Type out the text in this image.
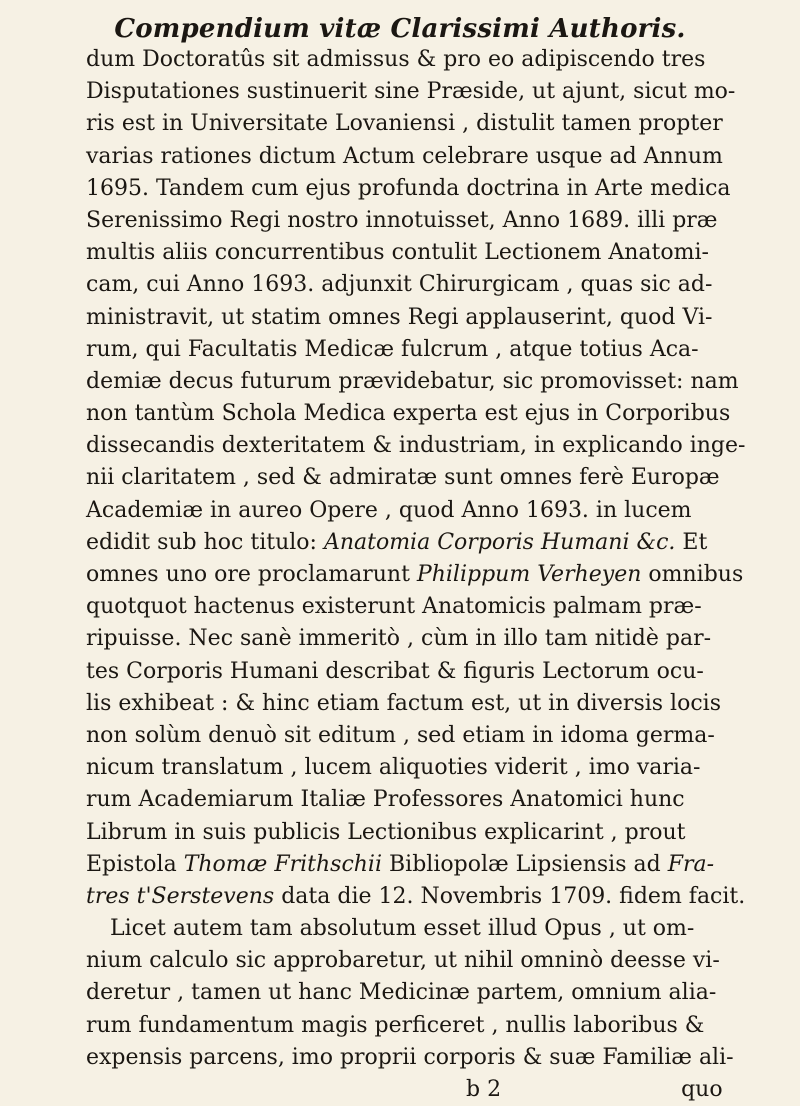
Compendium vitæ Clarissimi Authoris.
dum Doctoratûs sit admissus & pro eo adipiscendo tres
Disputationes sustinuerit sine Præside, ut ajunt, sicut mo-
ris est in Universitate Lovaniensi , distulit tamen propter
varias rationes dictum Actum celebrare usque ad Annum
1695. Tandem cum ejus profunda doctrina in Arte medica
Serenissimo Regi nostro innotuisset, Anno 1689. illi præ
multis aliis concurrentibus contulit Lectionem Anatomi-
cam, cui Anno 1693. adjunxit Chirurgicam , quas sic ad-
ministravit, ut statim omnes Regi applauserint, quod Vi-
rum, qui Facultatis Medicæ fulcrum , atque totius Aca-
demiæ decus futurum prævidebatur, sic promovisset: nam
non tantùm Schola Medica experta est ejus in Corporibus
dissecandis dexteritatem & industriam, in explicando inge-
nii claritatem , sed & admiratæ sunt omnes ferè Europæ
Academiæ in aureo Opere , quod Anno 1693. in lucem
edidit sub hoc titulo: Anatomia Corporis Humani &c. Et
omnes uno ore proclamarunt Philippum Verheyen omnibus
quotquot hactenus existerunt Anatomicis palmam præ-
ripuisse. Nec sanè immeritò , cùm in illo tam nitidè par-
tes Corporis Humani describat & figuris Lectorum ocu-
lis exhibeat : & hinc etiam factum est, ut in diversis locis
non solùm denuò sit editum , sed etiam in idoma germa-
nicum translatum , lucem aliquoties viderit , imo varia-
rum Academiarum Italiæ Professores Anatomici hunc
Librum in suis publicis Lectionibus explicarint , prout
Epistola Thomæ Frithschii Bibliopolæ Lipsiensis ad Fra-
tres t'Serstevens data die 12. Novembris 1709. fidem facit.
Licet autem tam absolutum esset illud Opus , ut om-
nium calculo sic approbaretur, ut nihil omninò deesse vi-
deretur , tamen ut hanc Medicinæ partem, omnium alia-
rum fundamentum magis perficeret , nullis laboribus &
expensis parcens, imo proprii corporis & suæ Familiæ ali-
b 2	quo
